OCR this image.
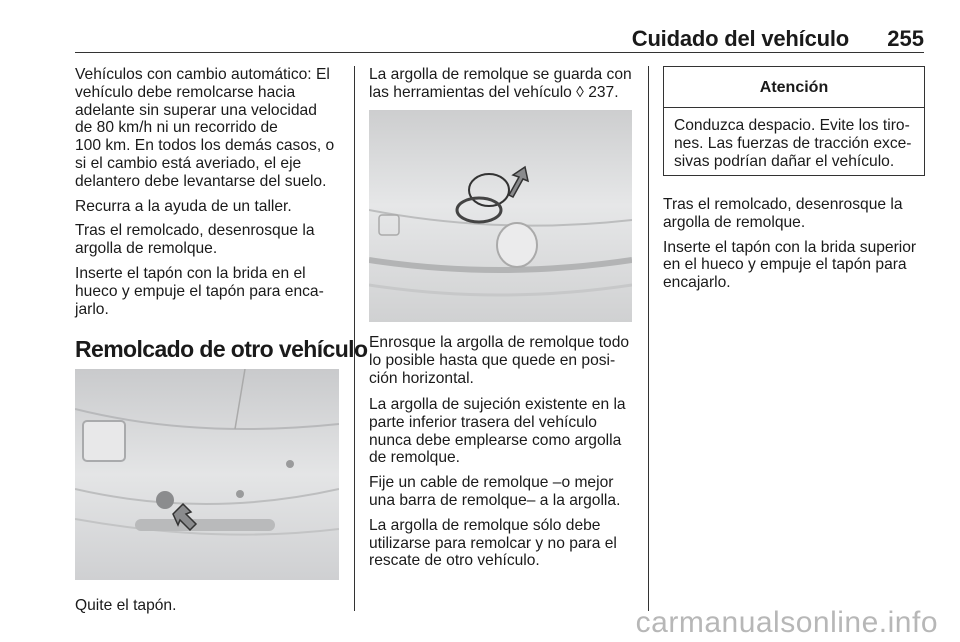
Cuidado del vehículo 255

Vehículos con cambio automático: El
vehículo debe remolcarse hacia
adelante sin superar una velocidad
de 80 km/h ni un recorrido de
100 km. En todos los demás casos, o
si el cambio está averiado, el eje
delantero debe levantarse del suelo.

Recurra a la ayuda de un taller.

Tras el remolcado, desenrosque la
argolla de remolque.

Inserte el tapón con la brida en el
hueco y empuje el tapón para enca-
jarlo.

Remolcado de otro vehículo
Quite el tapón.

La argolla de remolque se guarda con
las herramientas del vehículo ◊ 237.

Enrosque la argolla de remolque todo
lo posible hasta que quede en posi-
ción horizontal.

La argolla de sujeción existente en la
parte inferior trasera del vehículo
nunca debe emplearse como argolla
de remolque.

Fije un cable de remolque –o mejor
una barra de remolque– a la argolla.

La argolla de remolque sólo debe
utilizarse para remolcar y no para el
rescate de otro vehículo.

Atención
Conduzca despacio. Evite los tiro-
nes. Las fuerzas de tracción exce-
sivas podrían dañar el vehículo.

Tras el remolcado, desenrosque la
argolla de remolque.

Inserte el tapón con la brida superior
en el hueco y empuje el tapón para
encajarlo.

carmanualsonline.info
